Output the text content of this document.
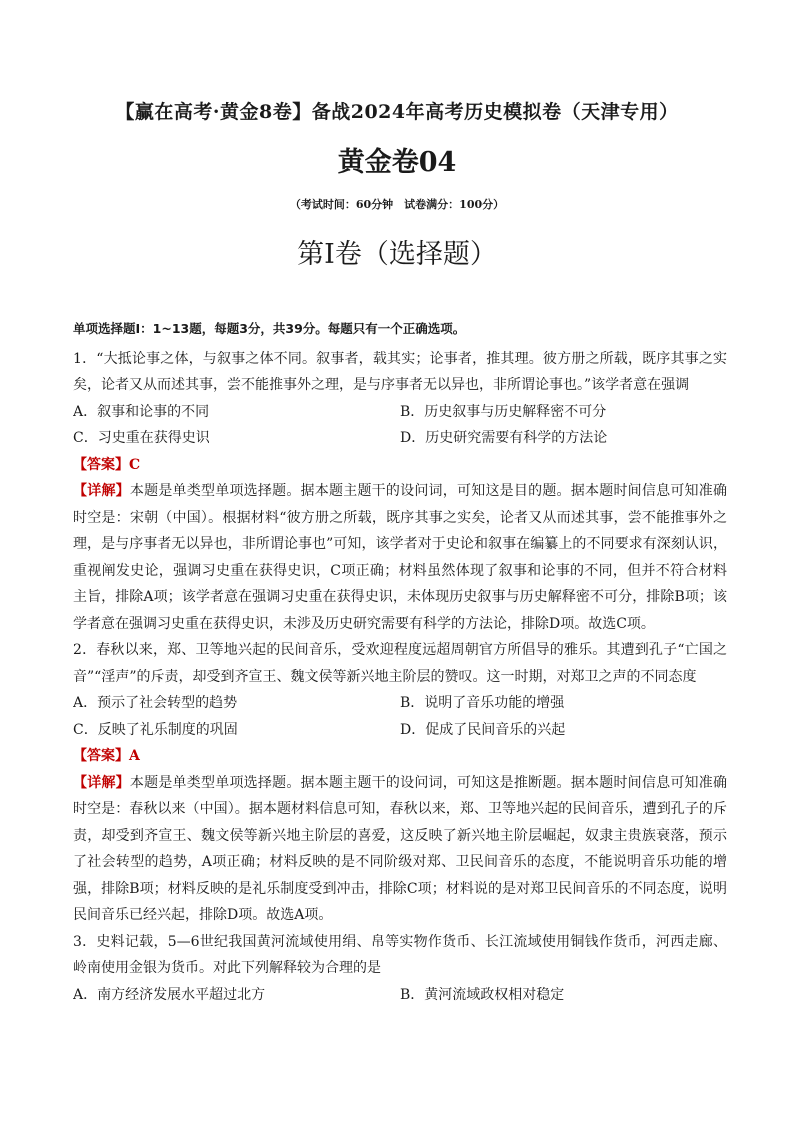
【赢在高考·黄金8卷】备战2024年高考历史模拟卷（天津专用）
黄金卷04
（考试时间：60分钟　试卷满分：100分）
第I卷（选择题）
单项选择题Ⅰ：1~13题，每题3分，共39分。每题只有一个正确选项。
1．“大抵论事之体，与叙事之体不同。叙事者，载其实；论事者，推其理。彼方册之所载，既序其事之实矣，论者又从而述其事，尝不能推事外之理，是与序事者无以异也，非所谓论事也。”该学者意在强调
A．叙事和论事的不同	B．历史叙事与历史解释密不可分
C．习史重在获得史识	D．历史研究需要有科学的方法论
【答案】C
【详解】本题是单类型单项选择题。据本题主题干的设问词，可知这是目的题。据本题时间信息可知准确时空是：宋朝（中国）。根据材料“彼方册之所载，既序其事之实矣，论者又从而述其事，尝不能推事外之理，是与序事者无以异也，非所谓论事也”可知，该学者对于史论和叙事在编纂上的不同要求有深刻认识，重视阐发史论，强调习史重在获得史识，C项正确；材料虽然体现了叙事和论事的不同，但并不符合材料主旨，排除A项；该学者意在强调习史重在获得史识，未体现历史叙事与历史解释密不可分，排除B项；该学者意在强调习史重在获得史识，未涉及历史研究需要有科学的方法论，排除D项。故选C项。
2．春秋以来，郑、卫等地兴起的民间音乐，受欢迎程度远超周朝官方所倡导的雅乐。其遭到孔子“亡国之音”“淫声”的斥责，却受到齐宣王、魏文侯等新兴地主阶层的赞叹。这一时期，对郑卫之声的不同态度
A．预示了社会转型的趋势	B．说明了音乐功能的增强
C．反映了礼乐制度的巩固	D．促成了民间音乐的兴起
【答案】A
【详解】本题是单类型单项选择题。据本题主题干的设问词，可知这是推断题。据本题时间信息可知准确时空是：春秋以来（中国）。据本题材料信息可知，春秋以来，郑、卫等地兴起的民间音乐，遭到孔子的斥责，却受到齐宣王、魏文侯等新兴地主阶层的喜爱，这反映了新兴地主阶层崛起，奴隶主贵族衰落，预示了社会转型的趋势，A项正确；材料反映的是不同阶级对郑、卫民间音乐的态度，不能说明音乐功能的增强，排除B项；材料反映的是礼乐制度受到冲击，排除C项；材料说的是对郑卫民间音乐的不同态度，说明民间音乐已经兴起，排除D项。故选A项。
3．史料记载，5—6世纪我国黄河流域使用绢、帛等实物作货币、长江流域使用铜钱作货币，河西走廊、岭南使用金银为货币。对此下列解释较为合理的是
A．南方经济发展水平超过北方	B．黄河流域政权相对稳定
